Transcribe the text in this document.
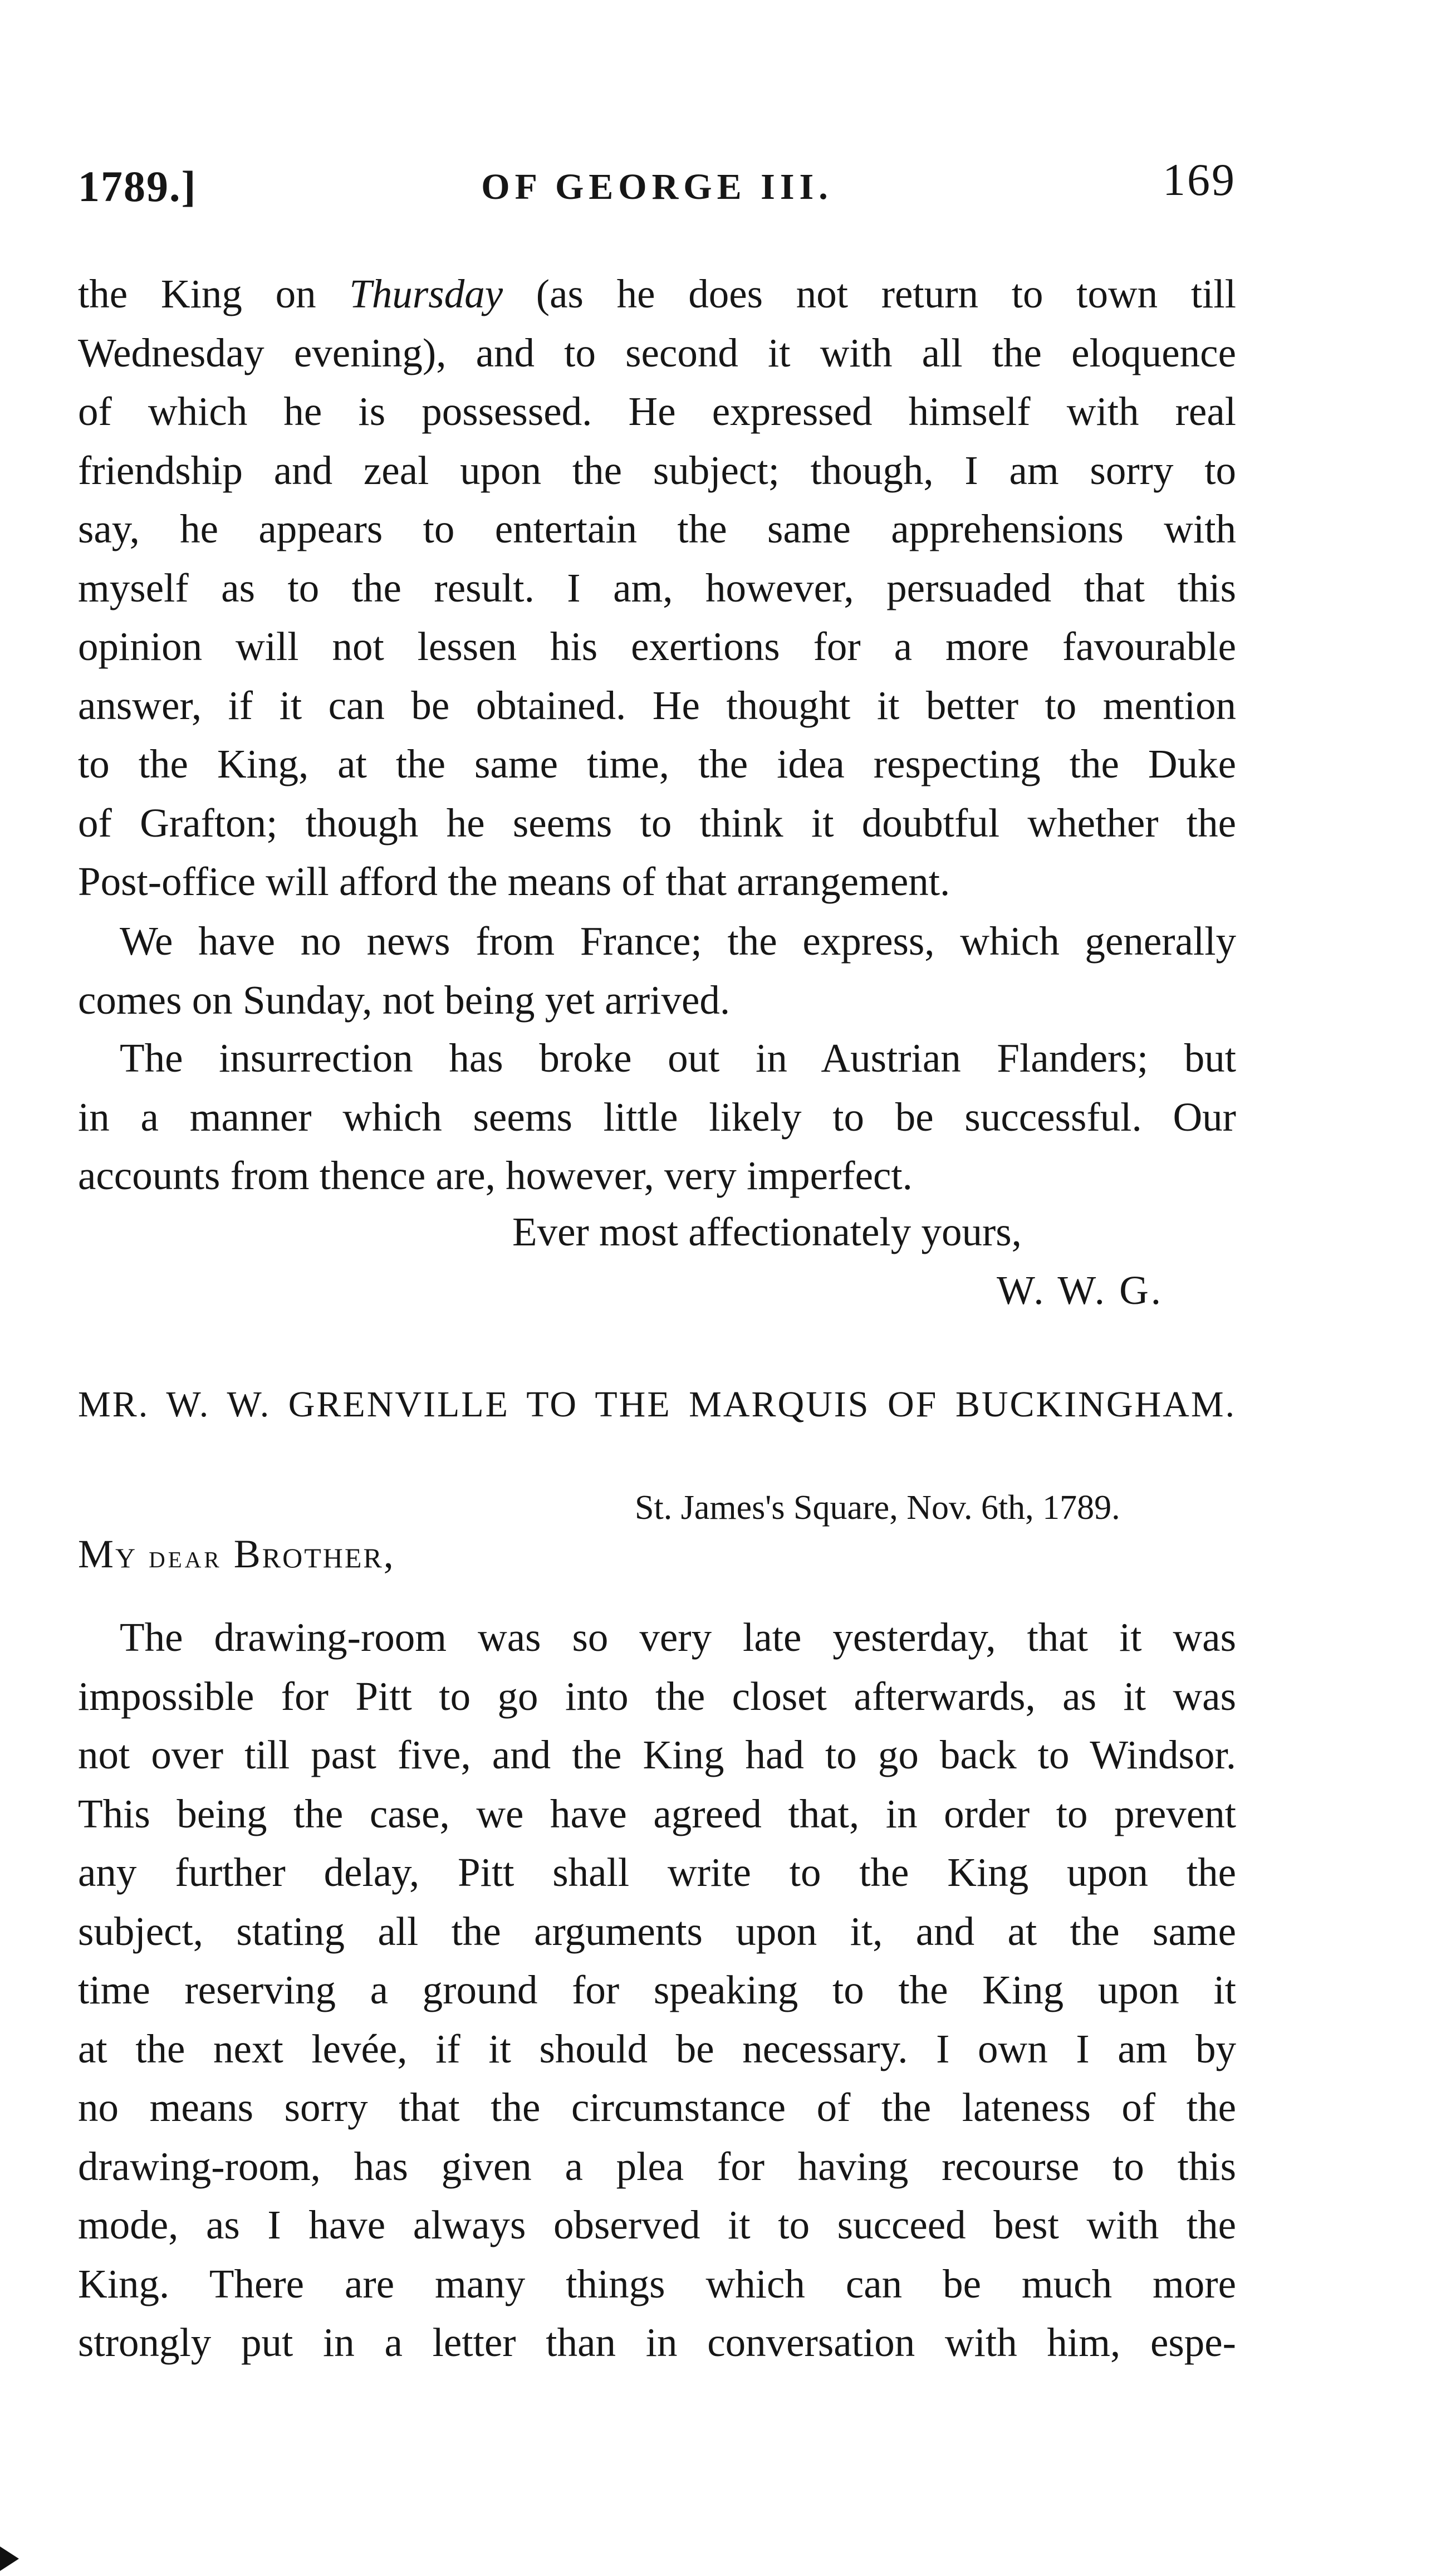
1789.]	OF GEORGE III.	169
the King on Thursday (as he does not return to town till
Wednesday evening), and to second it with all the eloquence
of which he is possessed. He expressed himself with real
friendship and zeal upon the subject; though, I am sorry to
say, he appears to entertain the same apprehensions with
myself as to the result. I am, however, persuaded that this
opinion will not lessen his exertions for a more favourable
answer, if it can be obtained. He thought it better to mention
to the King, at the same time, the idea respecting the Duke
of Grafton; though he seems to think it doubtful whether the
Post-office will afford the means of that arrangement.
We have no news from France; the express, which generally
comes on Sunday, not being yet arrived.
The insurrection has broke out in Austrian Flanders; but
in a manner which seems little likely to be successful. Our
accounts from thence are, however, very imperfect.
The drawing-room was so very late yesterday, that it was
impossible for Pitt to go into the closet afterwards, as it was
not over till past five, and the King had to go back to Windsor.
This being the case, we have agreed that, in order to prevent
any further delay, Pitt shall write to the King upon the
subject, stating all the arguments upon it, and at the same
time reserving a ground for speaking to the King upon it
at the next levée, if it should be necessary. I own I am by
no means sorry that the circumstance of the lateness of the
drawing-room, has given a plea for having recourse to this
mode, as I have always observed it to succeed best with the
King. There are many things which can be much more
strongly put in a letter than in conversation with him, espe-
Ever most affectionately yours,
W. W. G.
MR. W. W. GRENVILLE TO THE MARQUIS OF BUCKINGHAM.
St. James's Square, Nov. 6th, 1789.
My dear Brother,
